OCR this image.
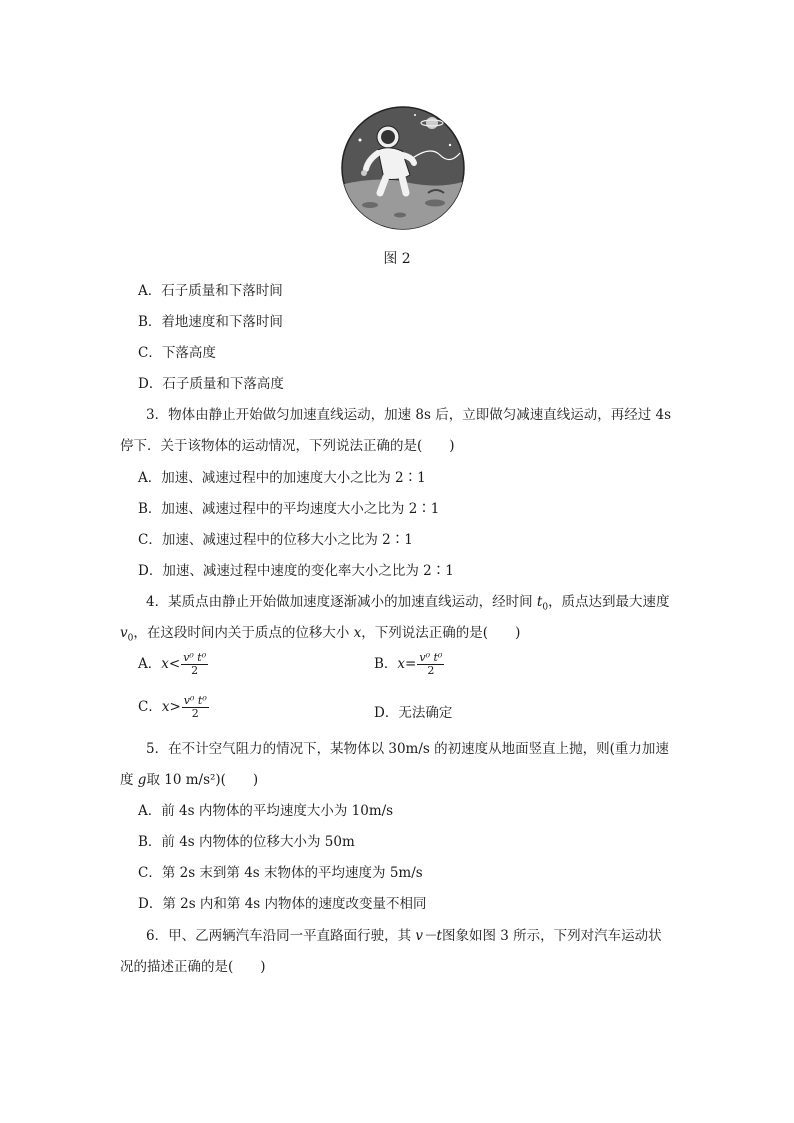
图 2
A．石子质量和下落时间
B．着地速度和下落时间
C．下落高度
D．石子质量和下落高度
3．物体由静止开始做匀加速直线运动，加速 8s 后，立即做匀减速直线运动，再经过 4s
停下．关于该物体的运动情况，下列说法正确的是(　　)
A．加速、减速过程中的加速度大小之比为 2∶1
B．加速、减速过程中的平均速度大小之比为 2∶1
C．加速、减速过程中的位移大小之比为 2∶1
D．加速、减速过程中速度的变化率大小之比为 2∶1
4．某质点由静止开始做加速度逐渐减小的加速直线运动，经时间 $t_0$，质点达到最大速度
$v_0$，在这段时间内关于质点的位移大小 x，下列说法正确的是(　　)
A．$x< \frac{\text{v⁰ t⁰}}{2}$	B．$x= \frac{\text{v⁰ t⁰}}{2}$
C．$x> \frac{\text{v⁰ t⁰}}{2}$	D．无法确定
5．在不计空气阻力的情况下，某物体以 30m/s 的初速度从地面竖直上抛，则(重力加速
度 g取 10 m/s²)(　　)
A．前 4s 内物体的平均速度大小为 10m/s
B．前 4s 内物体的位移大小为 50m
C．第 2s 末到第 4s 末物体的平均速度为 5m/s
D．第 2s 内和第 4s 内物体的速度改变量不相同
6．甲、乙两辆汽车沿同一平直路面行驶，其 v－t图象如图 3 所示，下列对汽车运动状
况的描述正确的是(　　)
